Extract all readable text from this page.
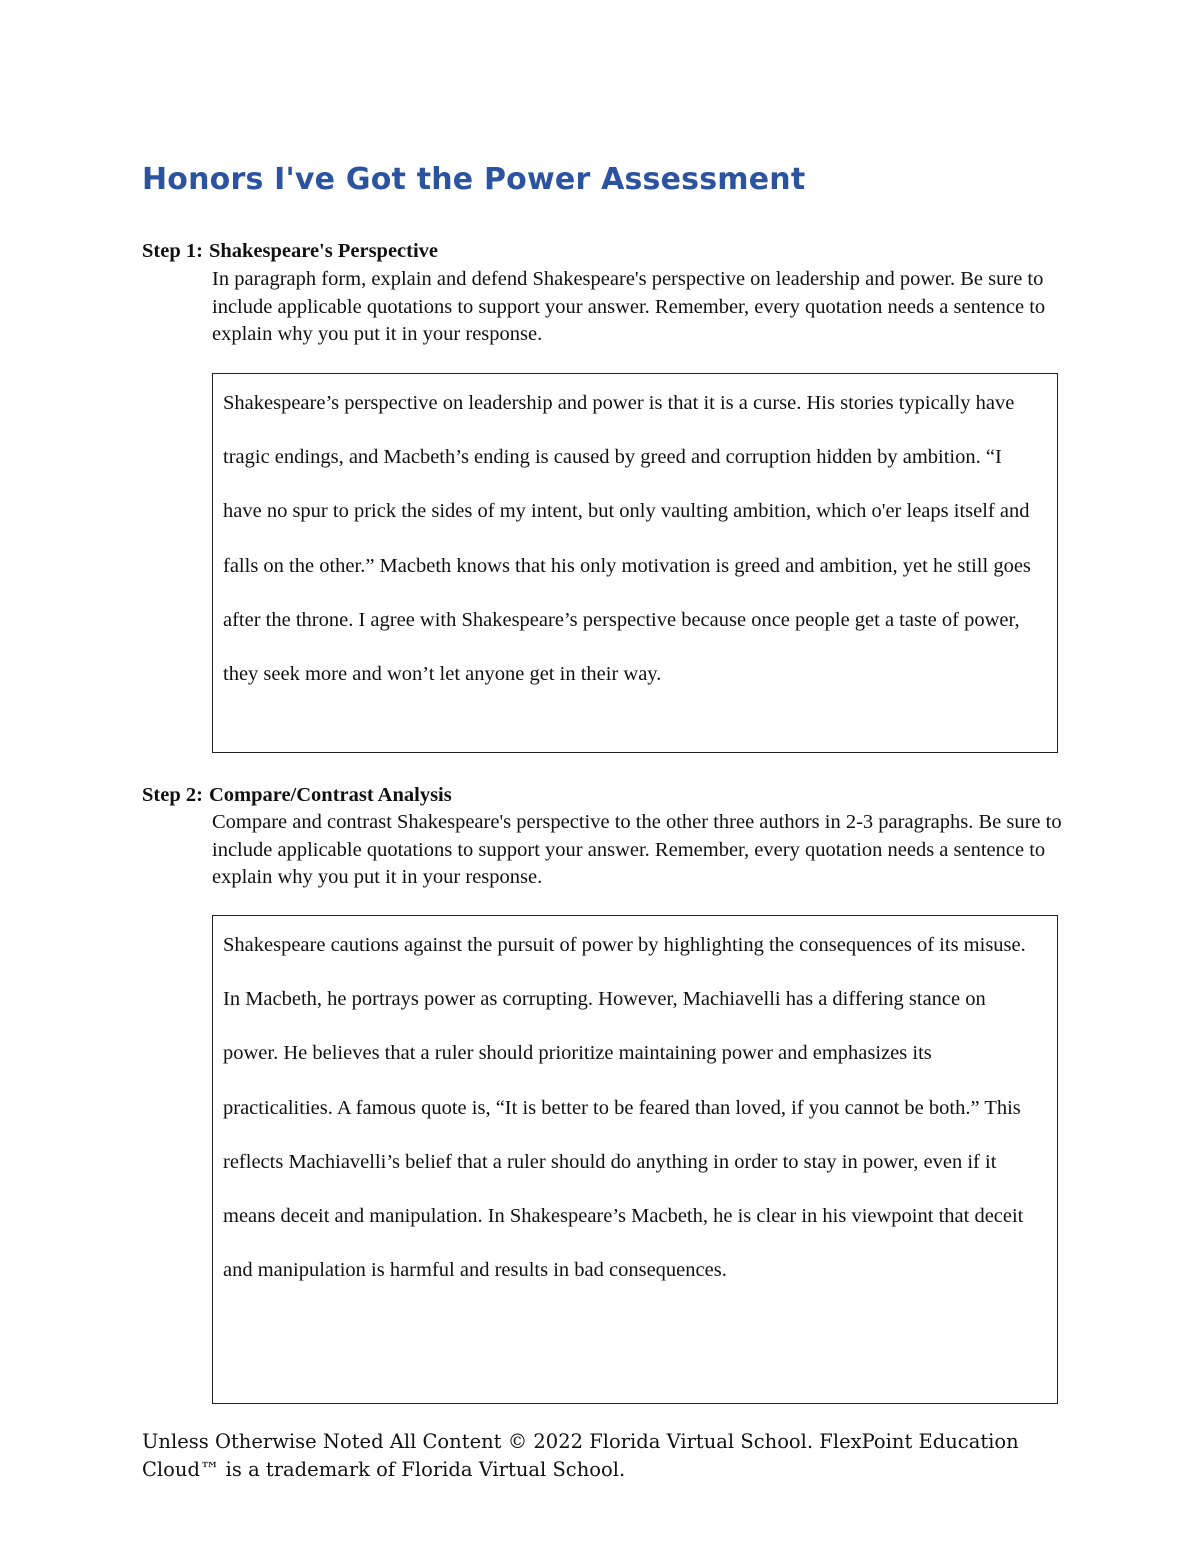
Honors I've Got the Power Assessment
Step 1: Shakespeare's Perspective

In paragraph form, explain and defend Shakespeare's perspective on leadership and power. Be sure to include applicable quotations to support your answer. Remember, every quotation needs a sentence to explain why you put it in your response.

Shakespeare’s perspective on leadership and power is that it is a curse. His stories typically have tragic endings, and Macbeth’s ending is caused by greed and corruption hidden by ambition. “I have no spur to prick the sides of my intent, but only vaulting ambition, which o'er leaps itself and falls on the other.” Macbeth knows that his only motivation is greed and ambition, yet he still goes after the throne. I agree with Shakespeare’s perspective because once people get a taste of power, they seek more and won’t let anyone get in their way.

Step 2: Compare/Contrast Analysis

Compare and contrast Shakespeare's perspective to the other three authors in 2-3 paragraphs. Be sure to include applicable quotations to support your answer. Remember, every quotation needs a sentence to explain why you put it in your response.

Shakespeare cautions against the pursuit of power by highlighting the consequences of its misuse. In Macbeth, he portrays power as corrupting. However, Machiavelli has a differing stance on power. He believes that a ruler should prioritize maintaining power and emphasizes its practicalities. A famous quote is, “It is better to be feared than loved, if you cannot be both.” This reflects Machiavelli’s belief that a ruler should do anything in order to stay in power, even if it means deceit and manipulation. In Shakespeare’s Macbeth, he is clear in his viewpoint that deceit and manipulation is harmful and results in bad consequences.

Unless Otherwise Noted All Content © 2022 Florida Virtual School. FlexPoint Education Cloud™ is a trademark of Florida Virtual School.
